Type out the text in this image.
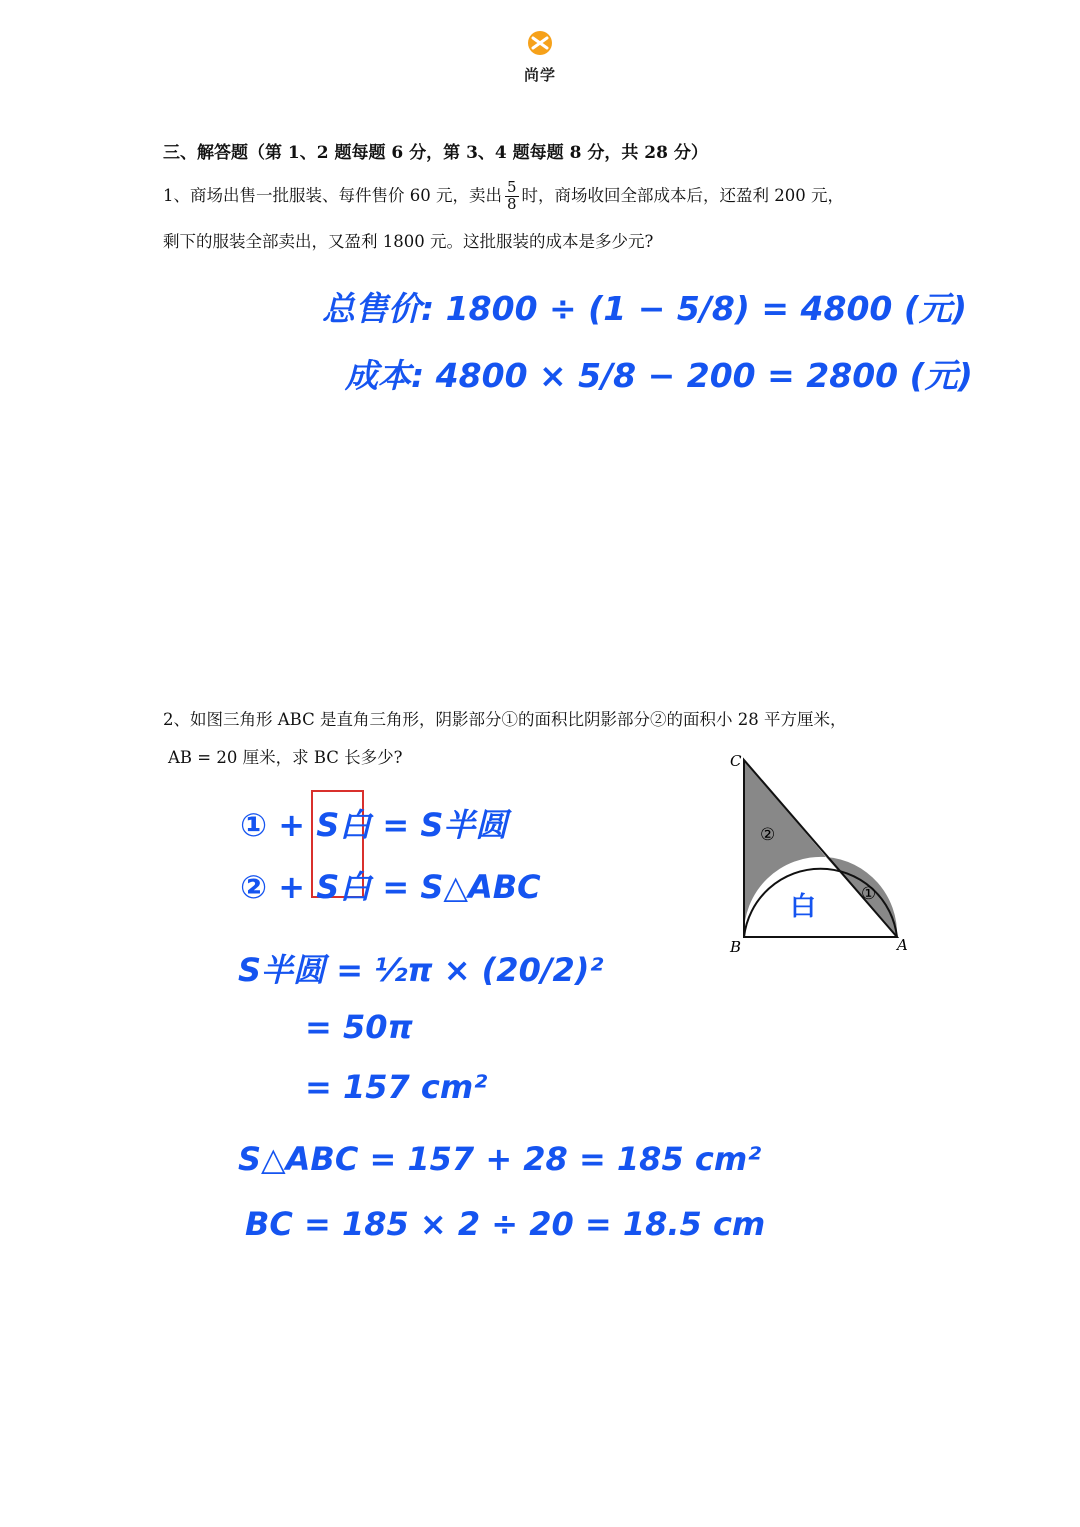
尚学
三、解答题（第 1、2 题每题 6 分，第 3、4 题每题 8 分，共 28 分）
1、商场出售一批服装、每件售价 60 元，卖出 $\frac{5}{8}$ 时，商场收回全部成本后，还盈利 200 元，
剩下的服装全部卖出，又盈利 1800 元。这批服装的成本是多少元?
总售价: 1800 ÷ (1 − 5/8) = 4800 (元)
成本: 4800 × 5/8 − 200 = 2800 (元)
2、如图三角形 ABC 是直角三角形，阴影部分①的面积比阴影部分②的面积小 28 平方厘米，
AB = 20 厘米，求 BC 长多少?	C
B	A
②
①
白
① + S白 = S半圆
② + S白 = S△ABC
S半圆 = ½π × (20/2)²
= 50π
= 157 cm²
S△ABC = 157 + 28 = 185 cm²
BC = 185 × 2 ÷ 20 = 18.5 cm
